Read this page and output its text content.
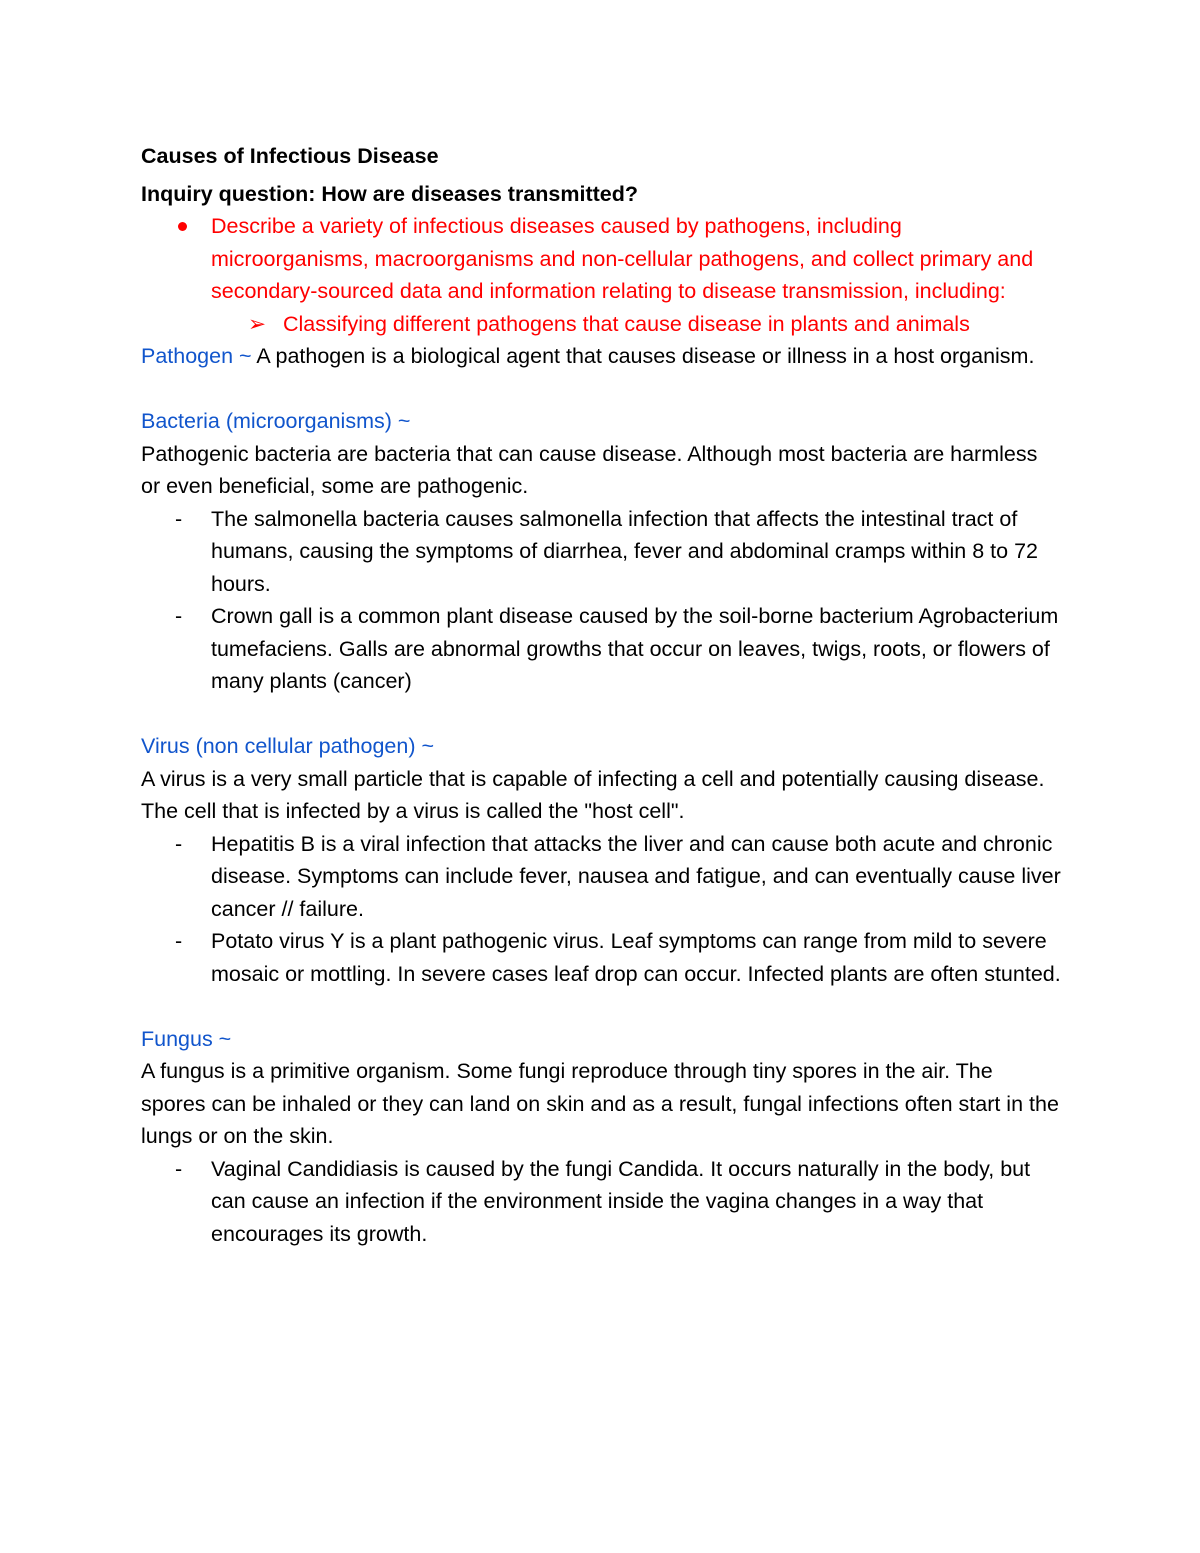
Causes of Infectious Disease

Inquiry question: How are diseases transmitted?

Describe a variety of infectious diseases caused by pathogens, including microorganisms, macroorganisms and non-cellular pathogens, and collect primary and secondary-sourced data and information relating to disease transmission, including:
➢ Classifying different pathogens that cause disease in plants and animals

Pathogen ~ A pathogen is a biological agent that causes disease or illness in a host organism.

Bacteria (microorganisms) ~

Pathogenic bacteria are bacteria that can cause disease. Although most bacteria are harmless or even beneficial, some are pathogenic.

- The salmonella bacteria causes salmonella infection that affects the intestinal tract of humans, causing the symptoms of diarrhea, fever and abdominal cramps within 8 to 72 hours.
- Crown gall is a common plant disease caused by the soil-borne bacterium Agrobacterium tumefaciens. Galls are abnormal growths that occur on leaves, twigs, roots, or flowers of many plants (cancer)

Virus (non cellular pathogen) ~

A virus is a very small particle that is capable of infecting a cell and potentially causing disease. The cell that is infected by a virus is called the "host cell".

- Hepatitis B is a viral infection that attacks the liver and can cause both acute and chronic disease. Symptoms can include fever, nausea and fatigue, and can eventually cause liver cancer // failure.
- Potato virus Y is a plant pathogenic virus. Leaf symptoms can range from mild to severe mosaic or mottling. In severe cases leaf drop can occur. Infected plants are often stunted.

Fungus ~

A fungus is a primitive organism. Some fungi reproduce through tiny spores in the air. The spores can be inhaled or they can land on skin and as a result, fungal infections often start in the lungs or on the skin.

- Vaginal Candidiasis is caused by the fungi Candida. It occurs naturally in the body, but can cause an infection if the environment inside the vagina changes in a way that encourages its growth.
